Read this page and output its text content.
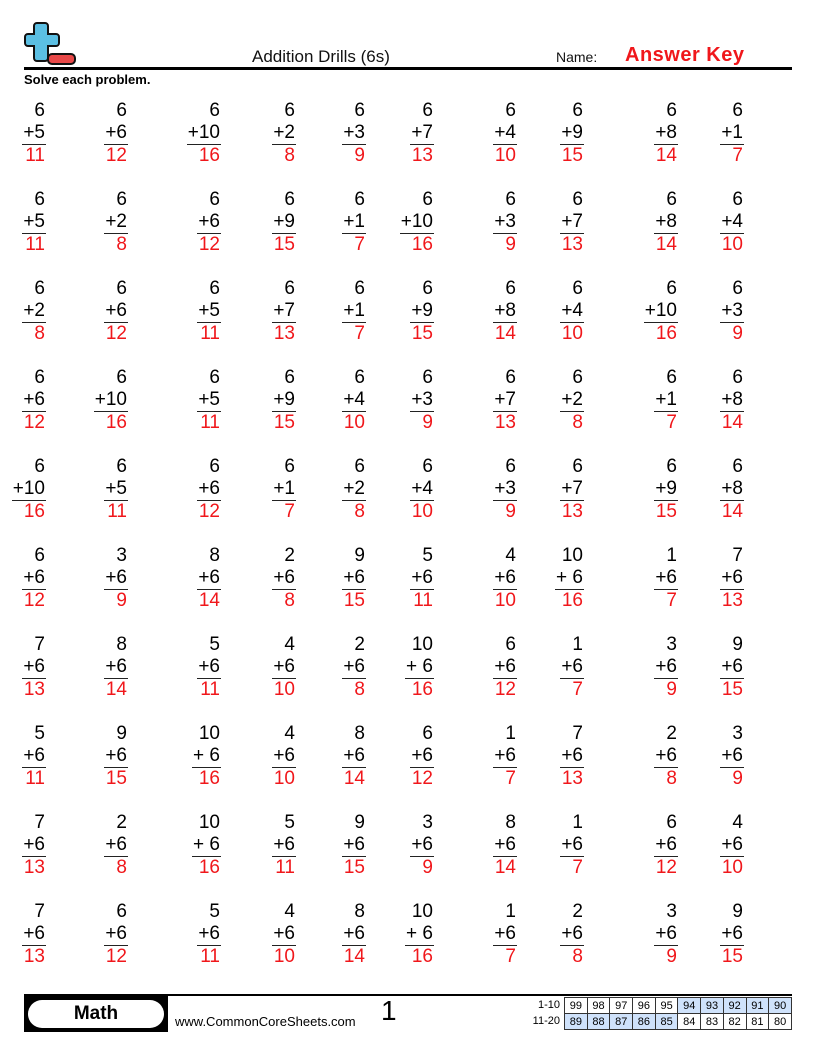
Addition Drills (6s)	Name: Answer Key
Solve each problem.
6
+5
11
6
+6
12
6
+10
16
6
+2
8
6
+3
9
6
+7
13
6
+4
10
6
+9
15
6
+8
14
6
+1
7
6
+5
11
6
+2
8
6
+6
12
6
+9
15
6
+1
7
6
+10
16
6
+3
9
6
+7
13
6
+8
14
6
+4
10
6
+2
8
6
+6
12
6
+5
11
6
+7
13
6
+1
7
6
+9
15
6
+8
14
6
+4
10
6
+10
16
6
+3
9
6
+6
12
6
+10
16
6
+5
11
6
+9
15
6
+4
10
6
+3
9
6
+7
13
6
+2
8
6
+1
7
6
+8
14
6
+10
16
6
+5
11
6
+6
12
6
+1
7
6
+2
8
6
+4
10
6
+3
9
6
+7
13
6
+9
15
6
+8
14
6
+6
12
3
+6
9
8
+6
14
2
+6
8
9
+6
15
5
+6
11
4
+6
10
10
+ 6
16
1
+6
7
7
+6
13
7
+6
13
8
+6
14
5
+6
11
4
+6
10
2
+6
8
10
+ 6
16
6
+6
12
1
+6
7
3
+6
9
9
+6
15
5
+6
11
9
+6
15
10
+ 6
16
4
+6
10
8
+6
14
6
+6
12
1
+6
7
7
+6
13
2
+6
8
3
+6
9
7
+6
13
2
+6
8
10
+ 6
16
5
+6
11
9
+6
15
3
+6
9
8
+6
14
1
+6
7
6
+6
12
4
+6
10
7
+6
13
6
+6
12
5
+6
11
4
+6
10
8
+6
14
10
+ 6
16
1
+6
7
2
+6
8
3
+6
9
9
+6
15
Math	www.CommonCoreSheets.com 1	1-10
11-20
99	98	97	96	95	94	93	92	91	90
89	88	87	86	85	84	83	82	81	80
